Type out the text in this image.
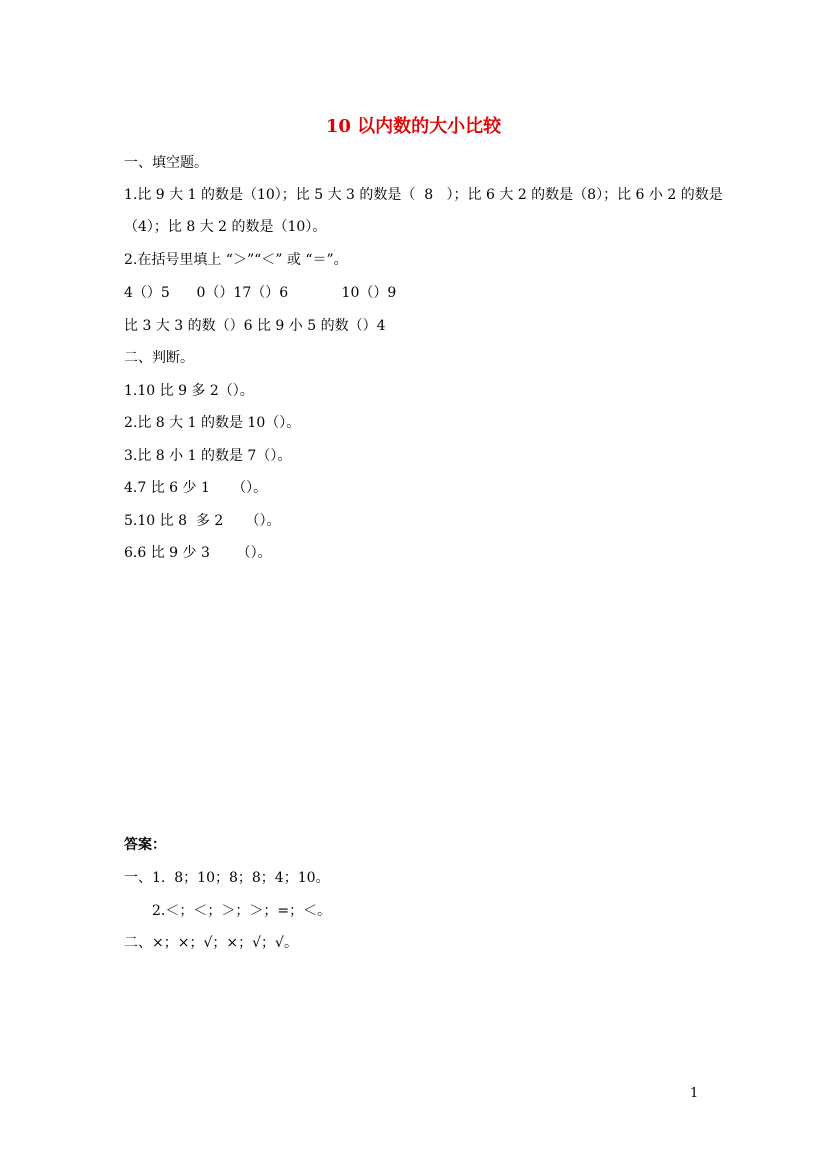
10 以内数的大小比较
一、填空题。
1.比 9 大 1 的数是（10）；比 5 大 3 的数是（  8   ）；比 6 大 2 的数是（8）；比 6 小 2 的数是
（4）；比 8 大 2 的数是（10）。
2.在括号里填上 “＞”“＜” 或 “＝”。
4（）5      0（）17（）6            10（）9
比 3 大 3 的数（）6 比 9 小 5 的数（）4
二、判断。
1.10 比 9 多 2（）。
2.比 8 大 1 的数是 10（）。
3.比 8 小 1 的数是 7（）。
4.7 比 6 少 1     （）。
5.10 比 8  多 2     （）。
6.6 比 9 少 3      （）。
答案：
一、1.  8；10；8；8；4；10。
2.＜；＜；＞；＞；=；＜。
二、×；×；√；×；√；√。
1
